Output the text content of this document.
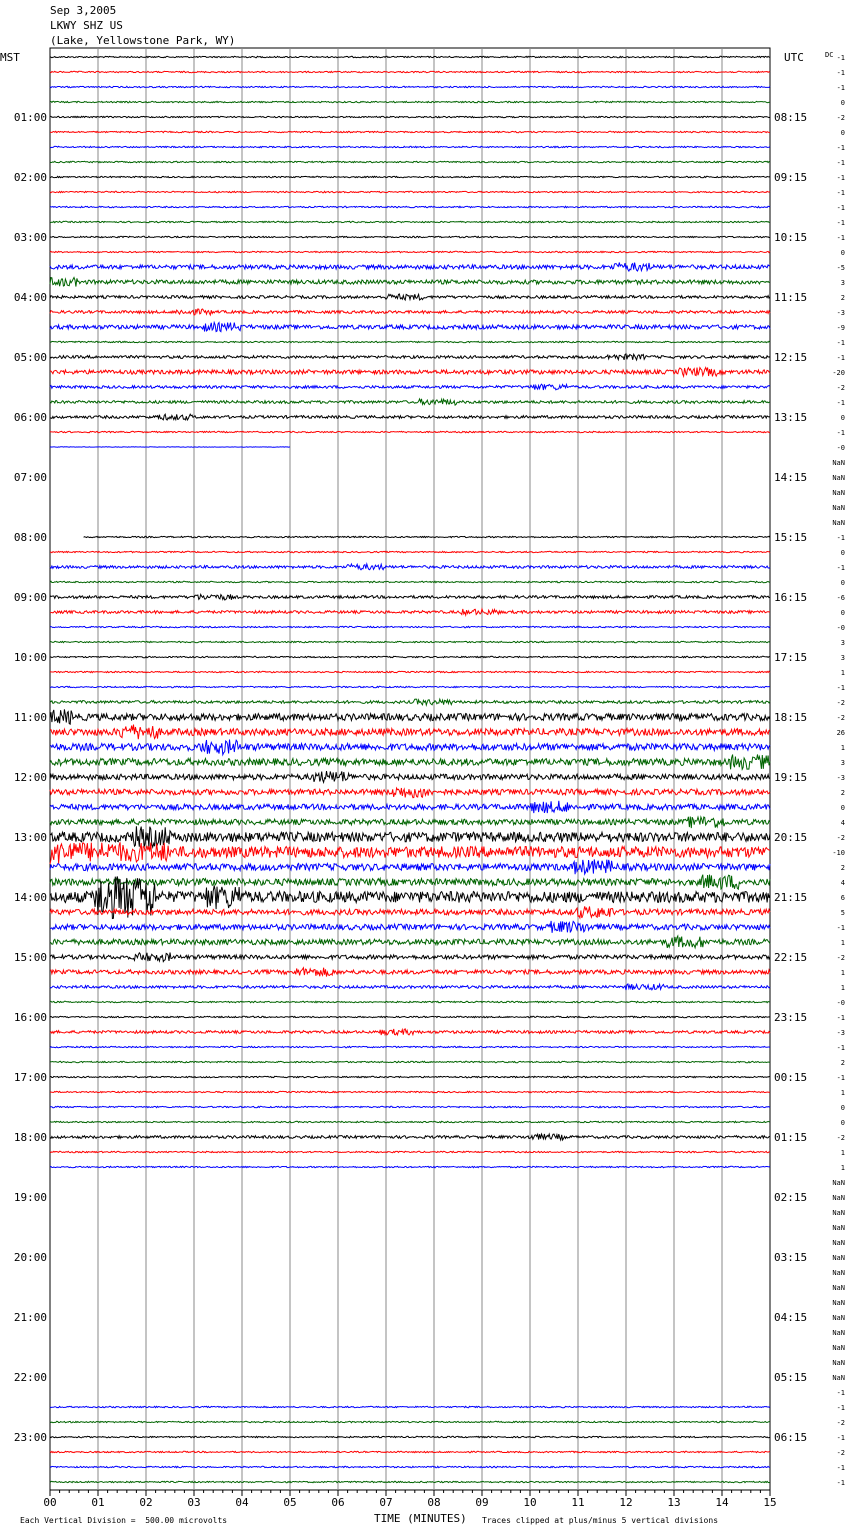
Sep 3,2005
LKWY SHZ US
(Lake, Yellowstone Park, WY)
00	01	02	03	04	05	06	07	08	09	10	11	12	13	14	15
MST	UTC	DC
01:00
02:00
03:00
04:00
05:00
06:00
07:00
08:00
09:00
10:00
11:00
12:00
13:00
14:00
15:00
16:00
17:00
18:00
19:00
20:00
21:00
22:00
23:00
08:15
09:15
10:15
11:15
12:15
13:15
14:15
15:15
16:15
17:15
18:15
19:15
20:15
21:15
22:15
23:15
00:15
01:15
02:15
03:15
04:15
05:15
06:15
-1
-1
-1
0
-2
0
-1
-1
-1
-1
-1
-1
-1
0
-5
3
2
-3
-9
-1
-1
-20
-2
-1
0
-1
-0
NaN
NaN
NaN
NaN
NaN
-1
0
-1
0
-6
0
-0
3
3
1
-1
-2
-2
26
1
3
-3
2
0
4
-2
-10
2
4
6
5
-1
1
-2
1
1
-0
-1
-3
-1
2
-1
1
0
0
-2
1
1
NaN
NaN
NaN
NaN
NaN
NaN
NaN
NaN
NaN
NaN
NaN
NaN
NaN
NaN
-1
-1
-2
-1
-2
-1
-1
Each Vertical Division =  500.00 microvolts	TIME (MINUTES) Traces clipped at plus/minus 5 vertical divisions
